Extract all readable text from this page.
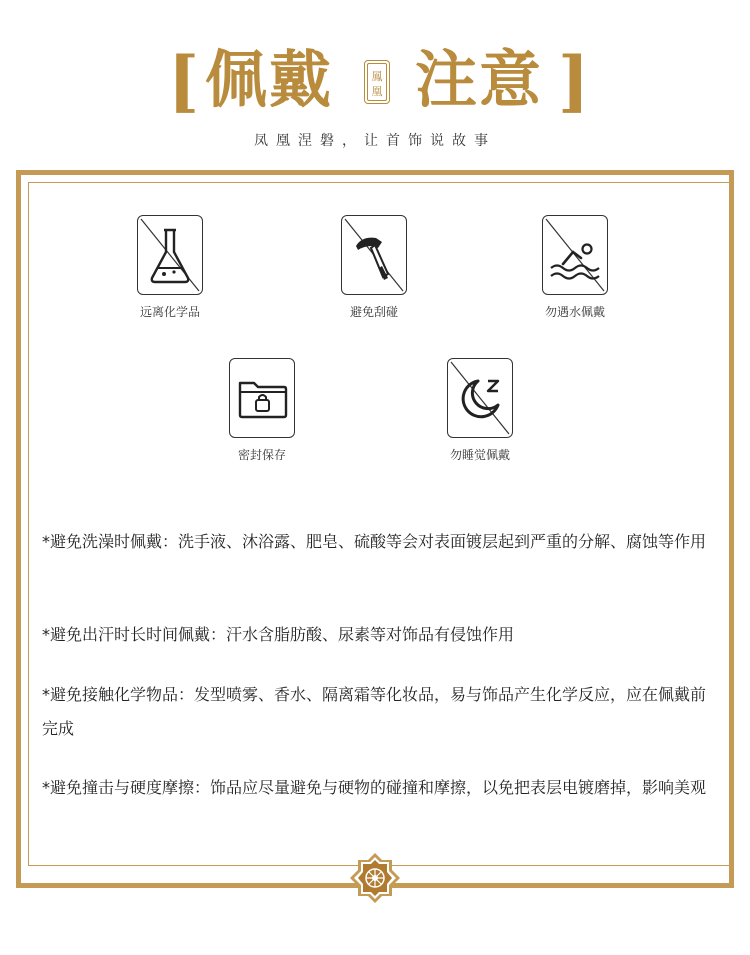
[ 佩戴	鳳
凰 注意 ]
凤凰涅磐，让首饰说故事
远离化学品	避免刮碰	勿遇水佩戴
密封保存	勿睡觉佩戴
*避免洗澡时佩戴：洗手液、沐浴露、肥皂、硫酸等会对表面镀层起到严重的分解、腐蚀等作用
*避免出汗时长时间佩戴：汗水含脂肪酸、尿素等对饰品有侵蚀作用
*避免接触化学物品：发型喷雾、香水、隔离霜等化妆品，易与饰品产生化学反应，应在佩戴前完成
*避免撞击与硬度摩擦：饰品应尽量避免与硬物的碰撞和摩擦，以免把表层电镀磨掉，影响美观
